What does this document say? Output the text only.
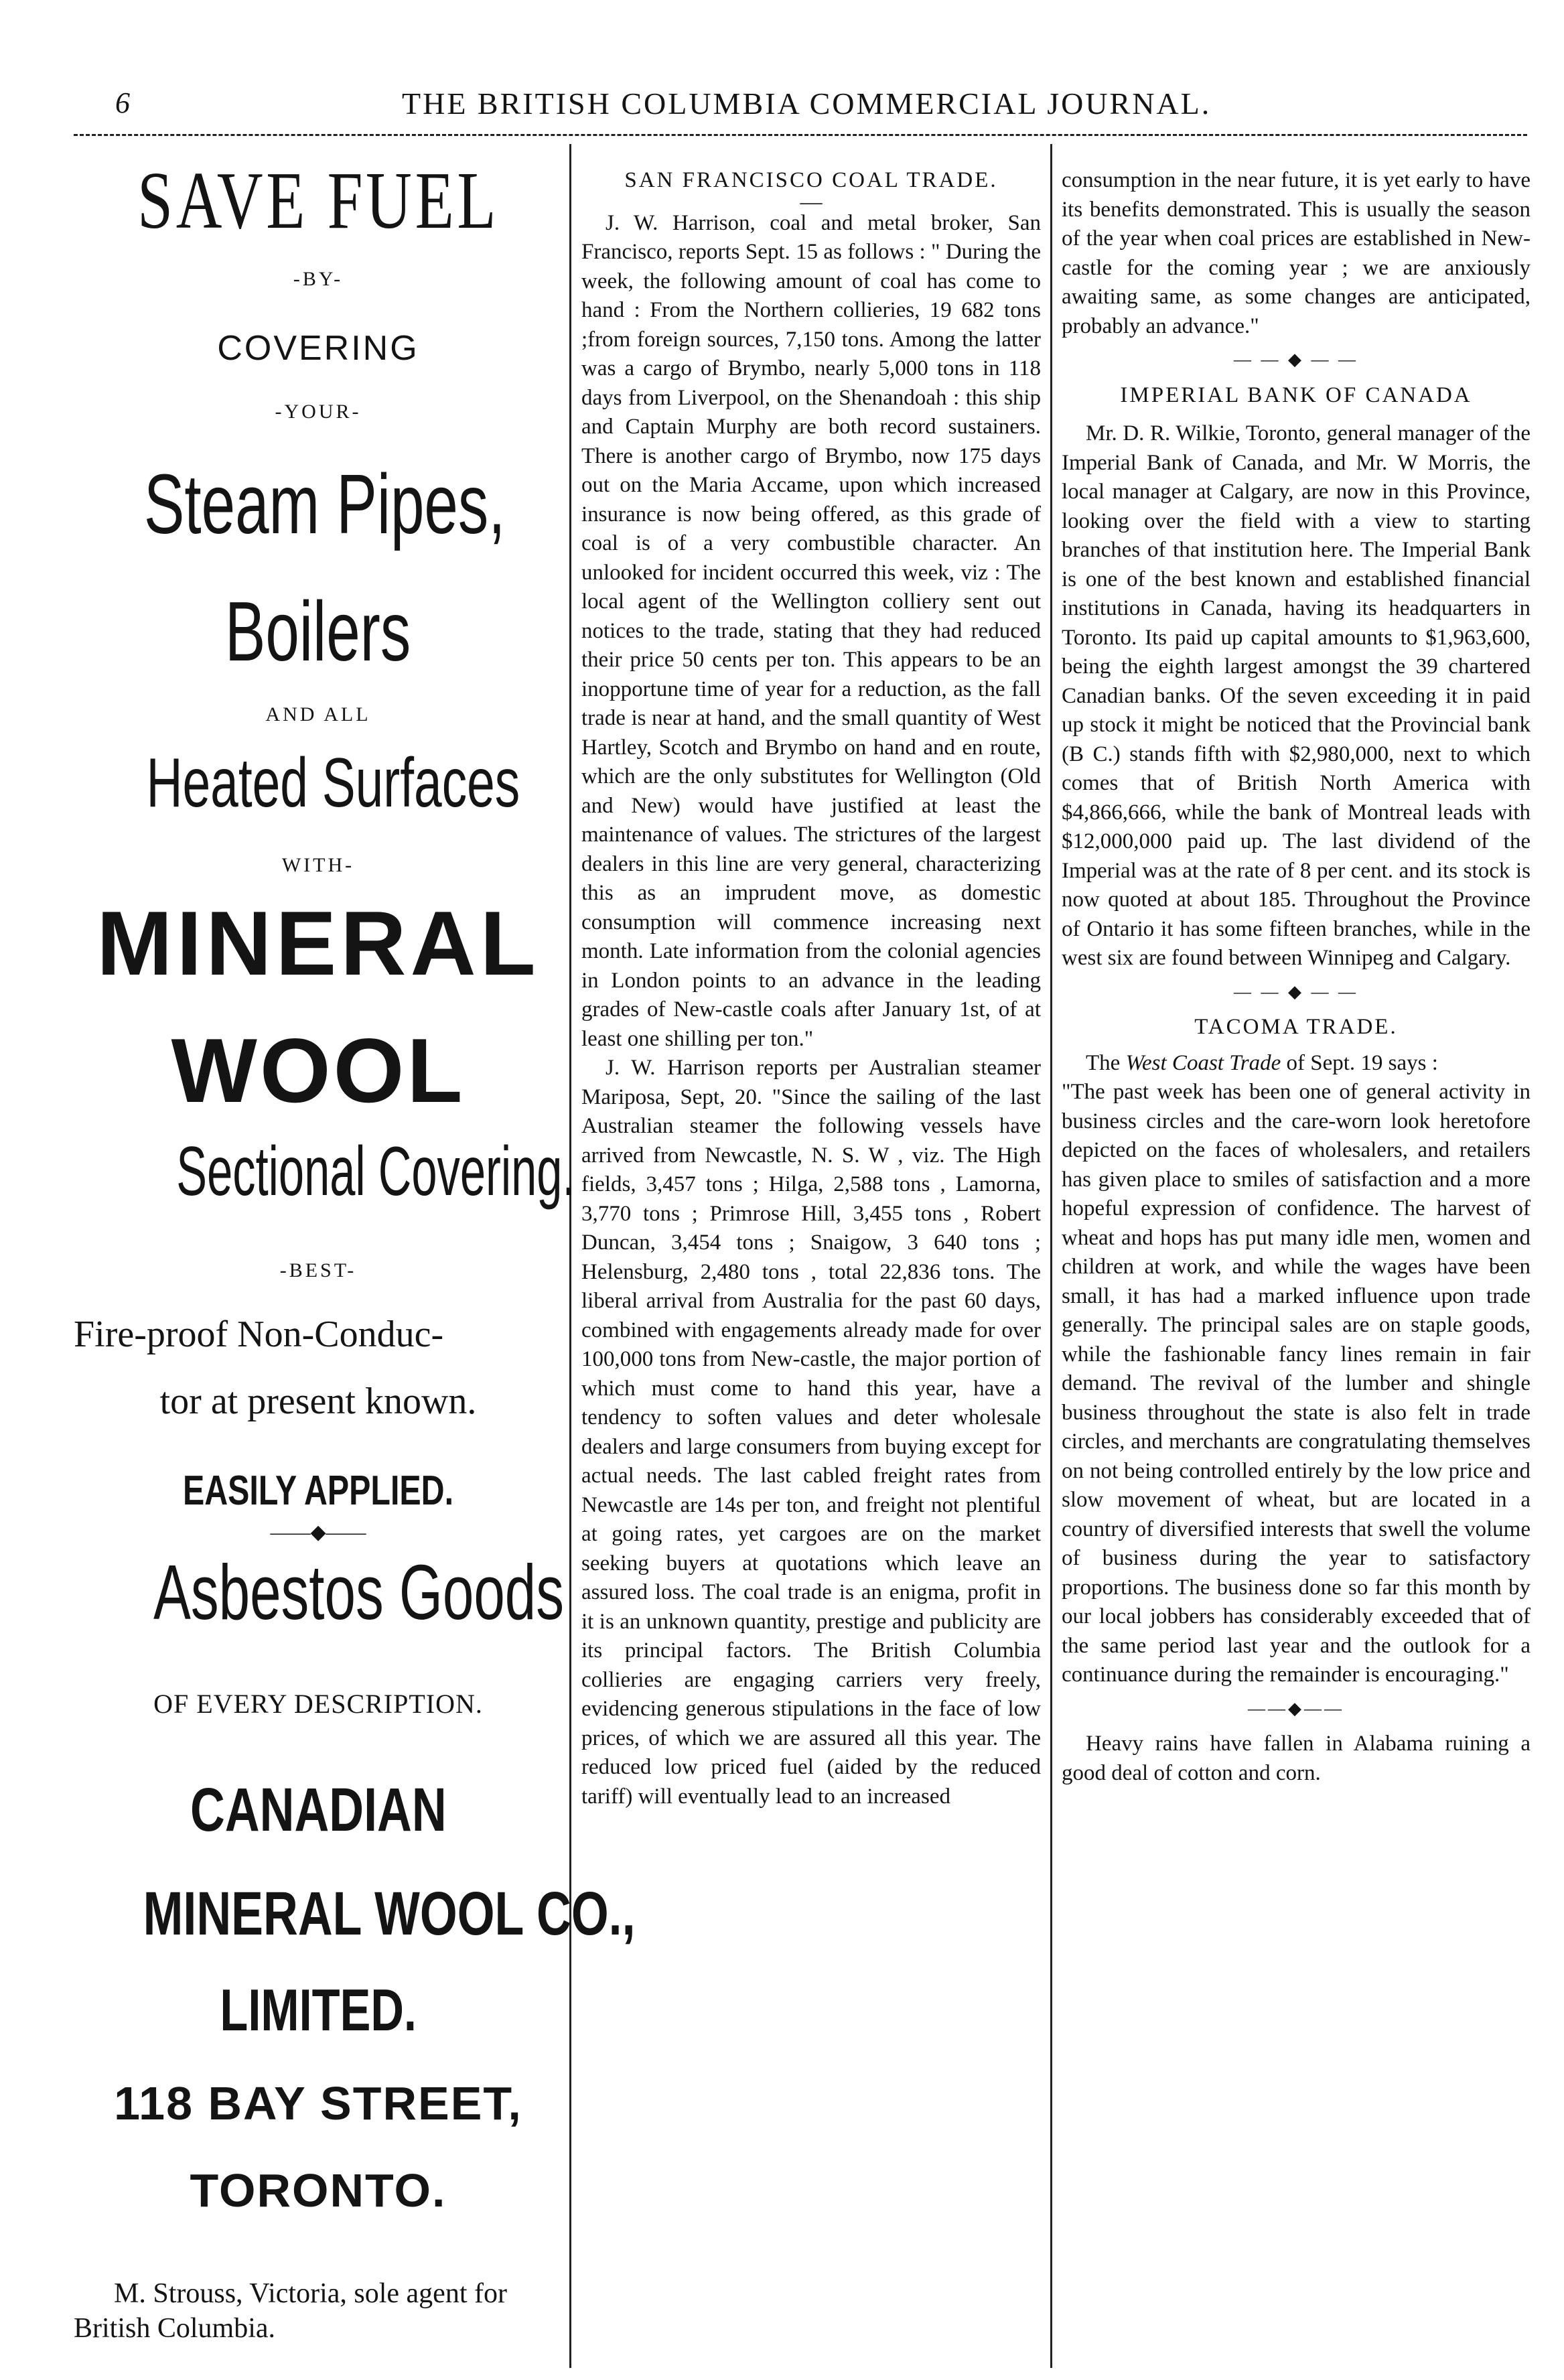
6	THE BRITISH COLUMBIA COMMERCIAL JOURNAL.
SAVE FUEL
-BY-
COVERING
-YOUR-
Steam Pipes,
Boilers
AND ALL
Heated Surfaces
WITH-
MINERAL
WOOL
Sectional Covering.
-BEST-
Fire-proof Non-Conduc-
tor at present known.
EASILY APPLIED.
——◆——
Asbestos Goods
OF EVERY DESCRIPTION.
CANADIAN
MINERAL WOOL CO.,
LIMITED.
118 BAY STREET,
TORONTO.
M. Strouss, Victoria, sole agent for British Columbia.

SAN FRANCISCO COAL TRADE.

—

J. W. Harrison, coal and metal broker, San Francisco, reports Sept. 15 as follows : " During the week, the following amount of coal has come to hand : From the Northern collieries, 19 682 tons ;from foreign sources, 7,150 tons. Among the latter was a cargo of Brymbo, nearly 5,000 tons in 118 days from Liverpool, on the Shenandoah : this ship and Captain Murphy are both record sustainers. There is another cargo of Brymbo, now 175 days out on the Maria Accame, upon which increased insurance is now being offered, as this grade of coal is of a very combustible character. An unlooked for incident occurred this week, viz : The local agent of the Wellington colliery sent out notices to the trade, stating that they had reduced their price 50 cents per ton. This appears to be an inopportune time of year for a reduction, as the fall trade is near at hand, and the small quantity of West Hartley, Scotch and Brymbo on hand and en route, which are the only substitutes for Wellington (Old and New) would have justified at least the maintenance of values. The strictures of the largest dealers in this line are very general, characterizing this as an imprudent move, as domestic consumption will commence increasing next month. Late information from the colonial agencies in London points to an advance in the leading grades of New-castle coals after January 1st, of at least one shilling per ton."

J. W. Harrison reports per Australian steamer Mariposa, Sept, 20. "Since the sailing of the last Australian steamer the following vessels have arrived from Newcastle, N. S. W , viz. The High fields, 3,457 tons ; Hilga, 2,588 tons , Lamorna, 3,770 tons ; Primrose Hill, 3,455 tons , Robert Duncan, 3,454 tons ; Snaigow, 3 640 tons ; Helensburg, 2,480 tons , total 22,836 tons. The liberal arrival from Australia for the past 60 days, combined with engagements already made for over 100,000 tons from New-castle, the major portion of which must come to hand this year, have a tendency to soften values and deter wholesale dealers and large consumers from buying except for actual needs. The last cabled freight rates from Newcastle are 14s per ton, and freight not plentiful at going rates, yet cargoes are on the market seeking buyers at quotations which leave an assured loss. The coal trade is an enigma, profit in it is an unknown quantity, prestige and publicity are its principal factors. The British Columbia collieries are engaging carriers very freely, evidencing generous stipulations in the face of low prices, of which we are assured all this year. The reduced low priced fuel (aided by the reduced tariff) will eventually lead to an increased

consumption in the near future, it is yet early to have its benefits demonstrated. This is usually the season of the year when coal prices are established in New-castle for the coming year ; we are anxiously awaiting same, as some changes are anticipated, probably an advance."

— — ◆ — —

IMPERIAL BANK OF CANADA

Mr. D. R. Wilkie, Toronto, general manager of the Imperial Bank of Canada, and Mr. W Morris, the local manager at Calgary, are now in this Province, looking over the field with a view to starting branches of that institution here. The Imperial Bank is one of the best known and established financial institutions in Canada, having its headquarters in Toronto. Its paid up capital amounts to $1,963,600, being the eighth largest amongst the 39 chartered Canadian banks. Of the seven exceeding it in paid up stock it might be noticed that the Provincial bank (B C.) stands fifth with $2,980,000, next to which comes that of British North America with $4,866,666, while the bank of Montreal leads with $12,000,000 paid up. The last dividend of the Imperial was at the rate of 8 per cent. and its stock is now quoted at about 185. Throughout the Province of Ontario it has some fifteen branches, while in the west six are found between Winnipeg and Calgary.

— — ◆ — —

TACOMA TRADE.

The West Coast Trade of Sept. 19 says :

"The past week has been one of general activity in business circles and the care-worn look heretofore depicted on the faces of wholesalers, and retailers has given place to smiles of satisfaction and a more hopeful expression of confidence. The harvest of wheat and hops has put many idle men, women and children at work, and while the wages have been small, it has had a marked influence upon trade generally. The principal sales are on staple goods, while the fashionable fancy lines remain in fair demand. The revival of the lumber and shingle business throughout the state is also felt in trade circles, and merchants are congratulating themselves on not being controlled entirely by the low price and slow movement of wheat, but are located in a country of diversified interests that swell the volume of business during the year to satisfactory proportions. The business done so far this month by our local jobbers has considerably exceeded that of the same period last year and the outlook for a continuance during the remainder is encouraging."

——◆——

Heavy rains have fallen in Alabama ruining a good deal of cotton and corn.
